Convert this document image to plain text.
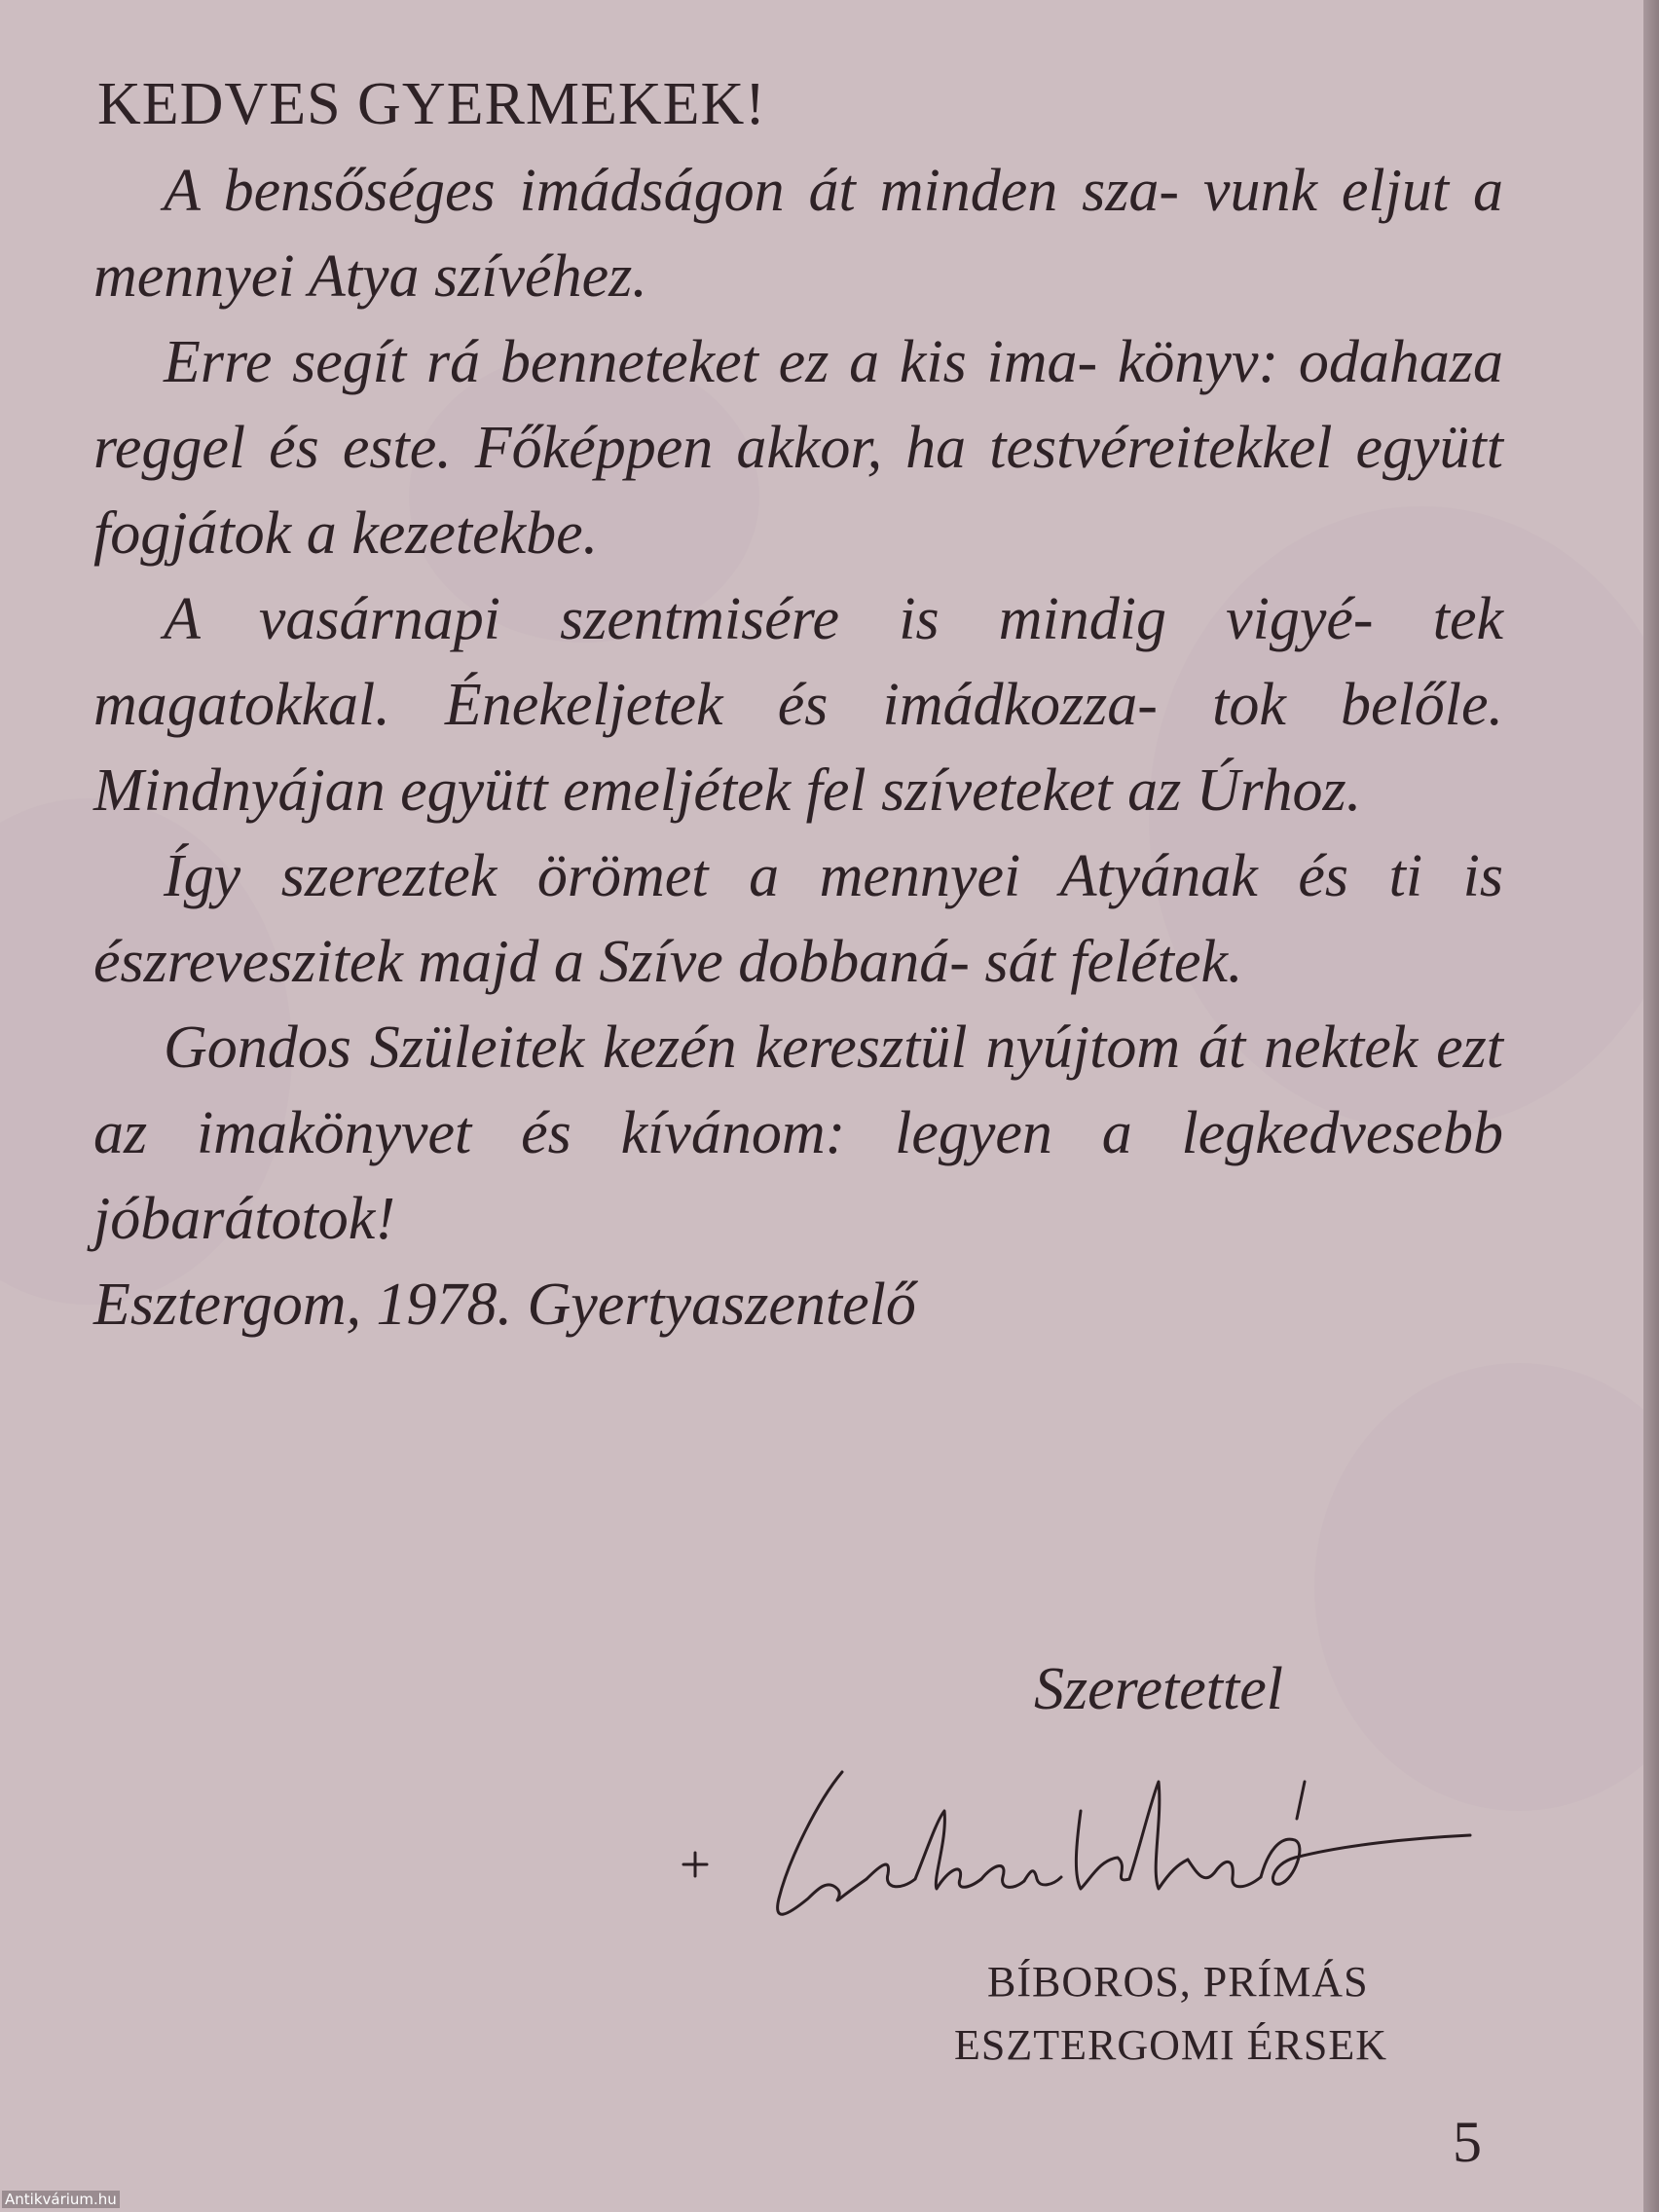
KEDVES GYERMEKEK!

A bensőséges imádságon át minden sza- vunk eljut a mennyei Atya szívéhez.

Erre segít rá benneteket ez a kis ima- könyv: odahaza reggel és este. Főképpen akkor, ha testvéreitekkel együtt fogjátok a kezetekbe.

A vasárnapi szentmisére is mindig vigyé- tek magatokkal. Énekeljetek és imádkozza- tok belőle. Mindnyájan együtt emeljétek fel szíveteket az Úrhoz.

Így szereztek örömet a mennyei Atyának és ti is észreveszitek majd a Szíve dobbaná- sát felétek.

Gondos Szüleitek kezén keresztül nyújtom át nektek ezt az imakönyvet és kívánom: legyen a legkedvesebb jóbarátotok!

Esztergom, 1978. Gyertyaszentelő

Szeretettel
BÍBOROS, PRÍMÁS
ESZTERGOMI ÉRSEK
5
Antikvárium.hu
